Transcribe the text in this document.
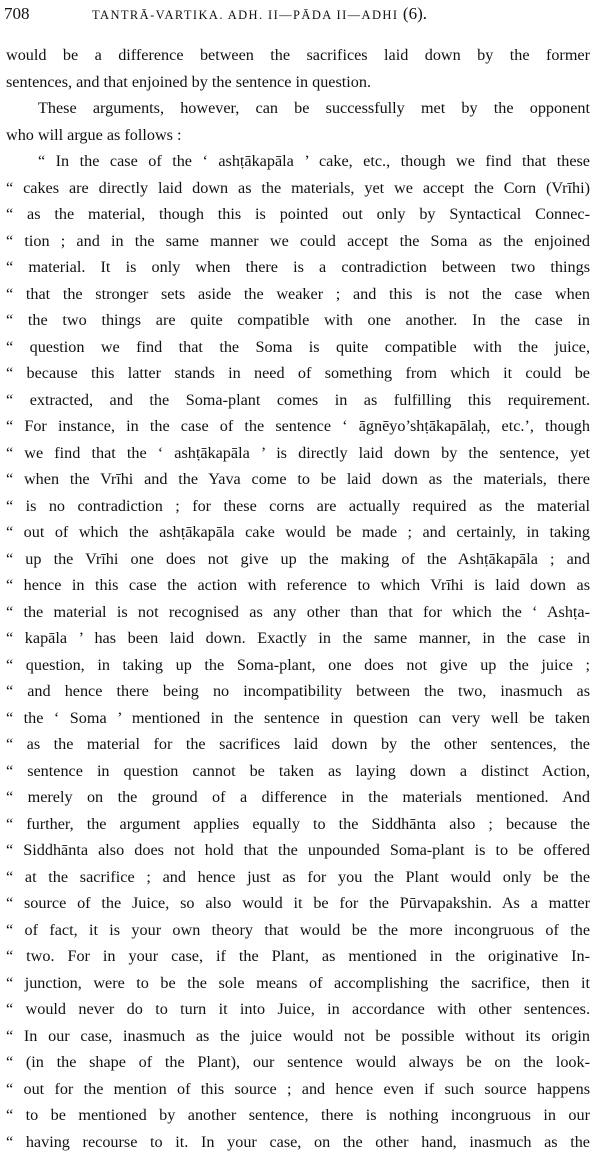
708	TANTRĀ-VARTIKA. ADH. II—PĀDA II—ADHI (6).
would be a difference between the sacrifices laid down by the former
sentences, and that enjoined by the sentence in question.
These arguments, however, can be successfully met by the opponent
who will argue as follows :
“ In the case of the ‘ ashṭākapāla ’ cake, etc., though we find that these
“ cakes are directly laid down as the materials, yet we accept the Corn (Vrīhi)
“ as the material, though this is pointed out only by Syntactical Connec-
“ tion ; and in the same manner we could accept the Soma as the enjoined
“ material. It is only when there is a contradiction between two things
“ that the stronger sets aside the weaker ; and this is not the case when
“ the two things are quite compatible with one another. In the case in
“ question we find that the Soma is quite compatible with the juice,
“ because this latter stands in need of something from which it could be
“ extracted, and the Soma-plant comes in as fulfilling this requirement.
“ For instance, in the case of the sentence ‘ āgnēyo’shṭākapālaḥ, etc.’, though
“ we find that the ‘ ashṭākapāla ’ is directly laid down by the sentence, yet
“ when the Vrīhi and the Yava come to be laid down as the materials, there
“ is no contradiction ; for these corns are actually required as the material
“ out of which the ashṭākapāla cake would be made ; and certainly, in taking
“ up the Vrīhi one does not give up the making of the Ashṭākapāla ; and
“ hence in this case the action with reference to which Vrīhi is laid down as
“ the material is not recognised as any other than that for which the ‘ Ashṭa-
“ kapāla ’ has been laid down. Exactly in the same manner, in the case in
“ question, in taking up the Soma-plant, one does not give up the juice ;
“ and hence there being no incompatibility between the two, inasmuch as
“ the ‘ Soma ’ mentioned in the sentence in question can very well be taken
“ as the material for the sacrifices laid down by the other sentences, the
“ sentence in question cannot be taken as laying down a distinct Action,
“ merely on the ground of a difference in the materials mentioned. And
“ further, the argument applies equally to the Siddhānta also ; because the
“ Siddhānta also does not hold that the unpounded Soma-plant is to be offered
“ at the sacrifice ; and hence just as for you the Plant would only be the
“ source of the Juice, so also would it be for the Pūrvapakshin. As a matter
“ of fact, it is your own theory that would be the more incongruous of the
“ two. For in your case, if the Plant, as mentioned in the originative In-
“ junction, were to be the sole means of accomplishing the sacrifice, then it
“ would never do to turn it into Juice, in accordance with other sentences.
“ In our case, inasmuch as the juice would not be possible without its origin
“ (in the shape of the Plant), our sentence would always be on the look-
“ out for the mention of this source ; and hence even if such source happens
“ to be mentioned by another sentence, there is nothing incongruous in our
“ having recourse to it. In your case, on the other hand, inasmuch as the
